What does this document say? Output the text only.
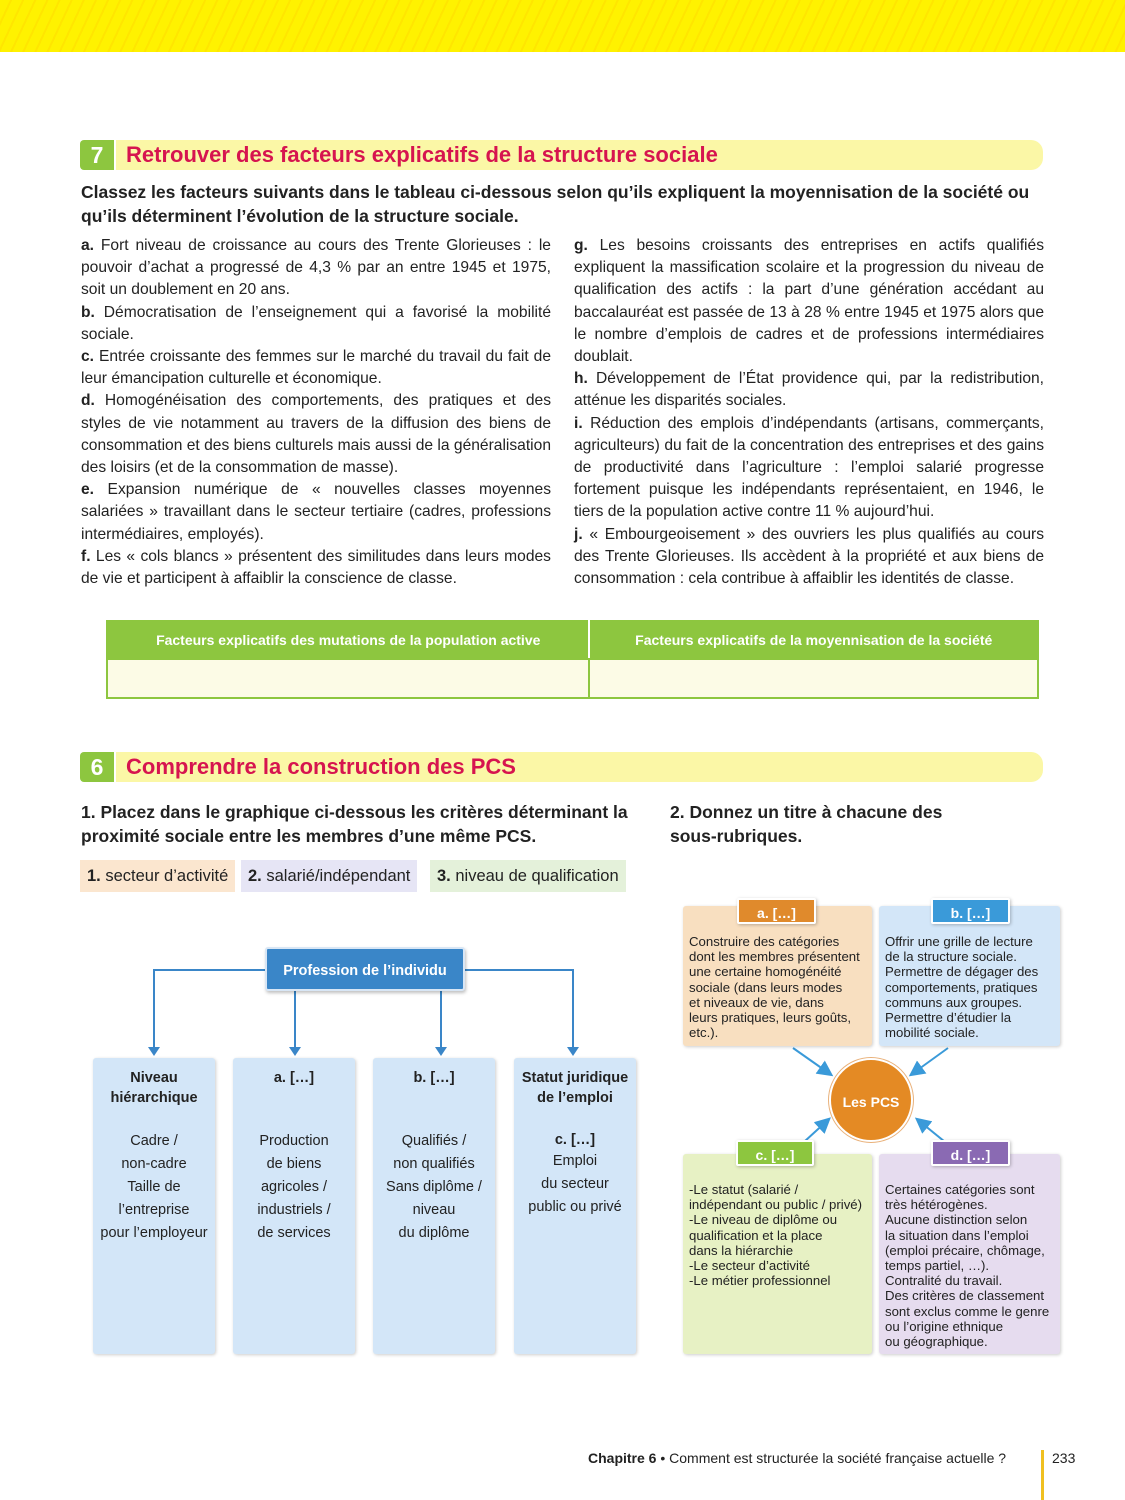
7	Retrouver des facteurs explicatifs de la structure sociale
Classez les facteurs suivants dans le tableau ci-dessous selon qu’ils expliquent la moyennisation de la société ou qu’ils déterminent l’évolution de la structure sociale.

a. Fort niveau de croissance au cours des Trente Glorieuses : le pouvoir d’achat a progressé de 4,3 % par an entre 1945 et 1975, soit un doublement en 20 ans.

b. Démocratisation de l’enseignement qui a favorisé la mobilité sociale.

c. Entrée croissante des femmes sur le marché du travail du fait de leur émancipation culturelle et économique.

d. Homogénéisation des comportements, des pratiques et des styles de vie notamment au travers de la diffusion des biens de consommation et des biens culturels mais aussi de la généralisation des loisirs (et de la consommation de masse).

e. Expansion numérique de « nouvelles classes moyennes salariées » travaillant dans le secteur tertiaire (cadres, professions intermédiaires, employés).

f. Les « cols blancs » présentent des similitudes dans leurs modes de vie et participent à affaiblir la conscience de classe.

g. Les besoins croissants des entreprises en actifs qualifiés expliquent la massification scolaire et la progression du niveau de qualification des actifs : la part d’une génération accédant au baccalauréat est passée de 13 à 28 % entre 1945 et 1975 alors que le nombre d’emplois de cadres et de professions intermédiaires doublait.

h. Développement de l’État providence qui, par la redistribution, atténue les disparités sociales.

i. Réduction des emplois d’indépendants (artisans, commerçants, agriculteurs) du fait de la concentration des entreprises et des gains de productivité dans l’agriculture : l’emploi salarié progresse fortement puisque les indépendants représentaient, en 1946, le tiers de la population active contre 11 % aujourd’hui.

j. « Embourgeoisement » des ouvriers les plus qualifiés au cours des Trente Glorieuses. Ils accèdent à la propriété et aux biens de consommation : cela contribue à affaiblir les identités de classe.

Facteurs explicatifs des mutations de la population active	Facteurs explicatifs de la moyennisation de la société

6	Comprendre la construction des PCS
1. Placez dans le graphique ci-dessous les critères déterminant la proximité sociale entre les membres d’une même PCS.
2. Donnez un titre à chacune des sous-rubriques.
1. secteur d’activité	2. salarié/indépendant	3. niveau de qualification
Profession de l’individu
Niveau
hiérarchique
Cadre /
non-cadre
Taille de
l’entreprise
pour l’employeur
a. […]
Production
de biens
agricoles /
industriels /
de services
b. […]
Qualifiés /
non qualifiés
Sans diplôme /
niveau
du diplôme
Statut juridique
de l’emploi
c. […]
Emploi
du secteur
public ou privé
Construire des catégories
dont les membres présentent
une certaine homogénéité
sociale (dans leurs modes
et niveaux de vie, dans
leurs pratiques, leurs goûts,
etc.).
a. […]
Offrir une grille de lecture
de la structure sociale.
Permettre de dégager des
comportements, pratiques
communs aux groupes.
Permettre d’étudier la
mobilité sociale.
b. […]
Les PCS
-Le statut (salarié /
indépendant ou public / privé)
-Le niveau de diplôme ou
qualification et la place
dans la hiérarchie
-Le secteur d’activité
-Le métier professionnel
c. […]
Certaines catégories sont
très hétérogènes.
Aucune distinction selon
la situation dans l’emploi
(emploi précaire, chômage,
temps partiel, …).
Contralité du travail.
Des critères de classement
sont exclus comme le genre
ou l’origine ethnique
ou géographique.
d. […]
Chapitre 6 • Comment est structurée la société française actuelle ?	233
